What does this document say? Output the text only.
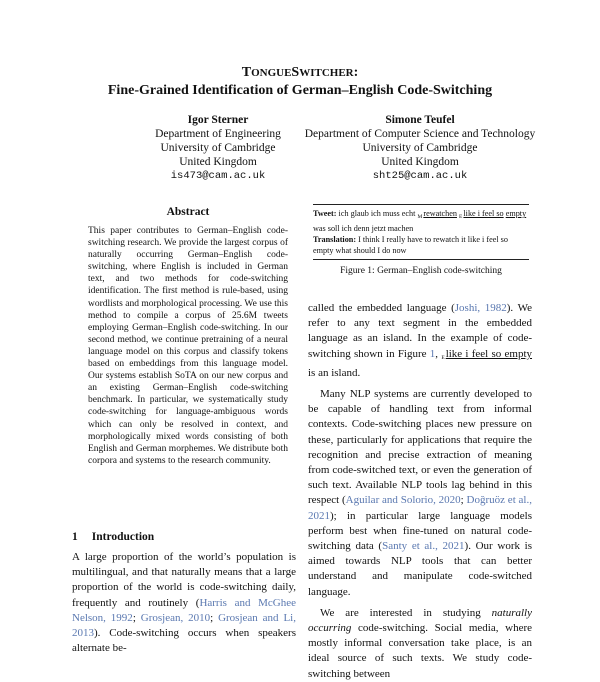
TONGUESWITCHER:
Fine-Grained Identification of German–English Code-Switching
Igor Sterner
Department of Engineering
University of Cambridge
United Kingdom
is473@cam.ac.uk
Simone Teufel
Department of Computer Science and Technology
University of Cambridge
United Kingdom
sht25@cam.ac.uk
Abstract
This paper contributes to German–English code-switching research. We provide the largest corpus of naturally occurring German–English code-switching, where English is included in German text, and two methods for code-switching identification. The first method is rule-based, using wordlists and morphological processing. We use this method to compile a corpus of 25.6M tweets employing German–English code-switching. In our second method, we continue pretraining of a neural language model on this corpus and classify tokens based on embeddings from this language model. Our systems establish SoTA on our new corpus and an existing German–English code-switching benchmark. In particular, we systematically study code-switching for language-ambiguous words which can only be resolved in context, and morphologically mixed words consisting of both English and German morphemes. We distribute both corpora and systems to the research community.
1 Introduction
A large proportion of the world’s population is multilingual, and that naturally means that a large proportion of the world is code-switching daily, frequently and routinely (Harris and McGhee Nelson, 1992; Grosjean, 2010; Grosjean and Li, 2013). Code-switching occurs when speakers alternate be-
Tweet: ich glaub ich muss echt $_M$rewatchen $_E$like i feel so empty was soll ich denn jetzt machen
Translation: I think I really have to rewatch it like i feel so empty what should I do now
Figure 1: German–English code-switching

called the embedded language (Joshi, 1982). We refer to any text segment in the embedded language as an island. In the example of code-switching shown in Figure 1, Elike i feel so empty is an island.

Many NLP systems are currently developed to be capable of handling text from informal contexts. Code-switching places new pressure on these, particularly for applications that require the recognition and precise extraction of meaning from code-switched text, or even the generation of such text. Available NLP tools lag behind in this respect (Aguilar and Solorio, 2020; Doğruöz et al., 2021); in particular large language models perform best when fine-tuned on natural code-switching data (Santy et al., 2021). Our work is aimed towards NLP tools that can better understand and manipulate code-switched language.

We are interested in studying naturally occurring code-switching. Social media, where mostly informal conversation take place, is an ideal source of such texts. We study code-switching between
